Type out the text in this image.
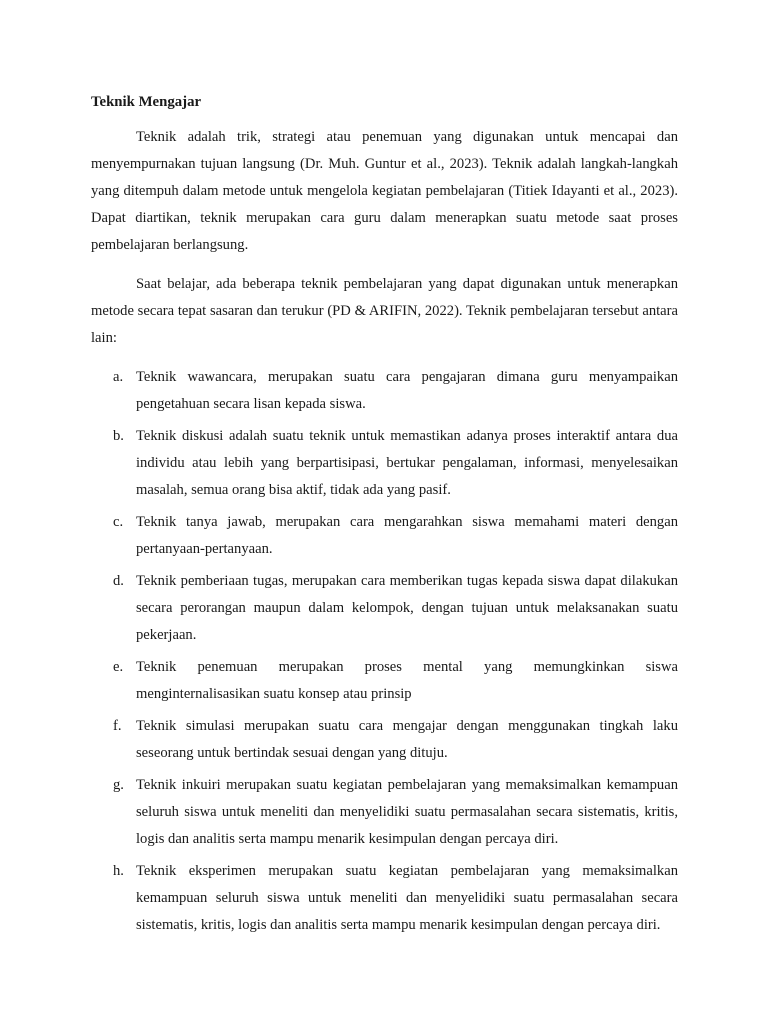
Teknik Mengajar

Teknik adalah trik, strategi atau penemuan yang digunakan untuk mencapai dan menyempurnakan tujuan langsung (Dr. Muh. Guntur et al., 2023). Teknik adalah langkah-langkah yang ditempuh dalam metode untuk mengelola kegiatan pembelajaran (Titiek Idayanti et al., 2023). Dapat diartikan, teknik merupakan cara guru dalam menerapkan suatu metode saat proses pembelajaran berlangsung.

Saat belajar, ada beberapa teknik pembelajaran yang dapat digunakan untuk menerapkan metode secara tepat sasaran dan terukur (PD & ARIFIN, 2022). Teknik pembelajaran tersebut antara lain:

a. Teknik wawancara, merupakan suatu cara pengajaran dimana guru menyampaikan pengetahuan secara lisan kepada siswa.
b. Teknik diskusi adalah suatu teknik untuk memastikan adanya proses interaktif antara dua individu atau lebih yang berpartisipasi, bertukar pengalaman, informasi, menyelesaikan masalah, semua orang bisa aktif, tidak ada yang pasif.
c. Teknik tanya jawab, merupakan cara mengarahkan siswa memahami materi dengan pertanyaan-pertanyaan.
d. Teknik pemberiaan tugas, merupakan cara memberikan tugas kepada siswa dapat dilakukan secara perorangan maupun dalam kelompok, dengan tujuan untuk melaksanakan suatu pekerjaan.
e. Teknik penemuan merupakan proses mental yang memungkinkan siswa menginternalisasikan suatu konsep atau prinsip
f. Teknik simulasi merupakan suatu cara mengajar dengan menggunakan tingkah laku seseorang untuk bertindak sesuai dengan yang dituju.
g. Teknik inkuiri merupakan suatu kegiatan pembelajaran yang memaksimalkan kemampuan seluruh siswa untuk meneliti dan menyelidiki suatu permasalahan secara sistematis, kritis, logis dan analitis serta mampu menarik kesimpulan dengan percaya diri.
h. Teknik eksperimen merupakan suatu kegiatan pembelajaran yang memaksimalkan kemampuan seluruh siswa untuk meneliti dan menyelidiki suatu permasalahan secara sistematis, kritis, logis dan analitis serta mampu menarik kesimpulan dengan percaya diri.
